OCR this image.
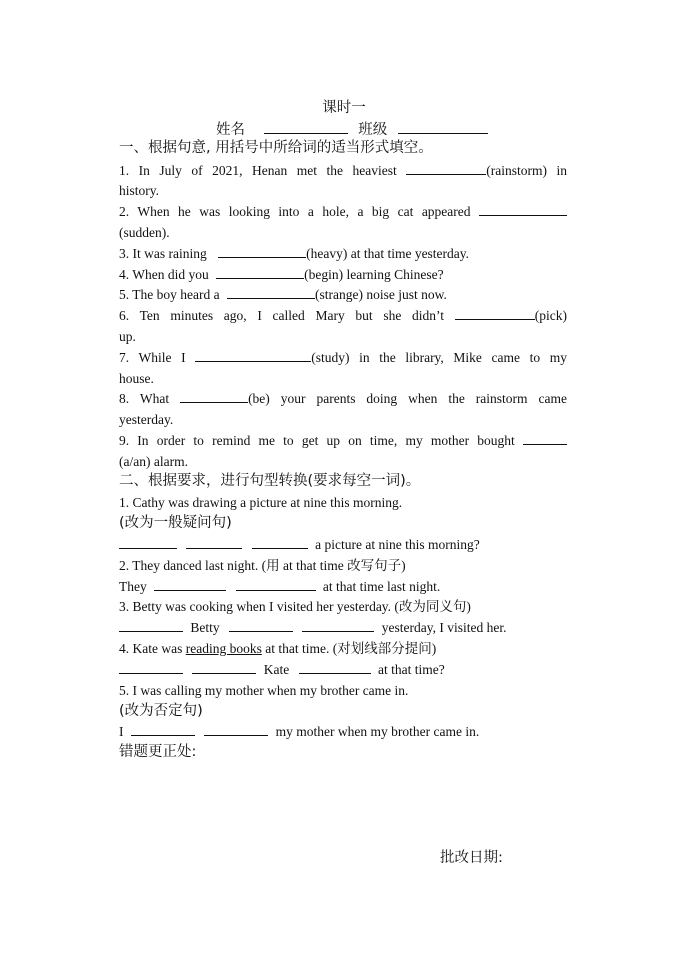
课时一
姓名	班级
一、根据句意, 用括号中所给词的适当形式填空。
1. In July of 2021, Henan met the heaviest	(rainstorm) in
history.
2. When he was looking into a hole, a big cat appeared
(sudden).
3. It was raining	(heavy) at that time yesterday.
4. When did you	(begin) learning Chinese?
5. The boy heard a	(strange) noise just now.
6. Ten minutes ago, I called Mary but she didn’t	(pick)
up.
7. While I	(study) in the library, Mike came to my
house.
8. What	(be) your parents doing when the rainstorm came
yesterday.
9. In order to remind me to get up on time, my mother bought
(a/an) alarm.
二、根据要求，进行句型转换(要求每空一词)。
1. Cathy was drawing a picture at nine this morning.
(改为一般疑问句)
a picture at nine this morning?
2. They danced last night. (用 at that time 改写句子)
They	at that time last night.
3. Betty was cooking when I visited her yesterday. (改为同义句)
Betty	yesterday, I visited her.
4. Kate was reading books at that time. (对划线部分提问)
Kate	at that time?
5. I was calling my mother when my brother came in.
(改为否定句)
I	my mother when my brother came in.
错题更正处:
批改日期:
